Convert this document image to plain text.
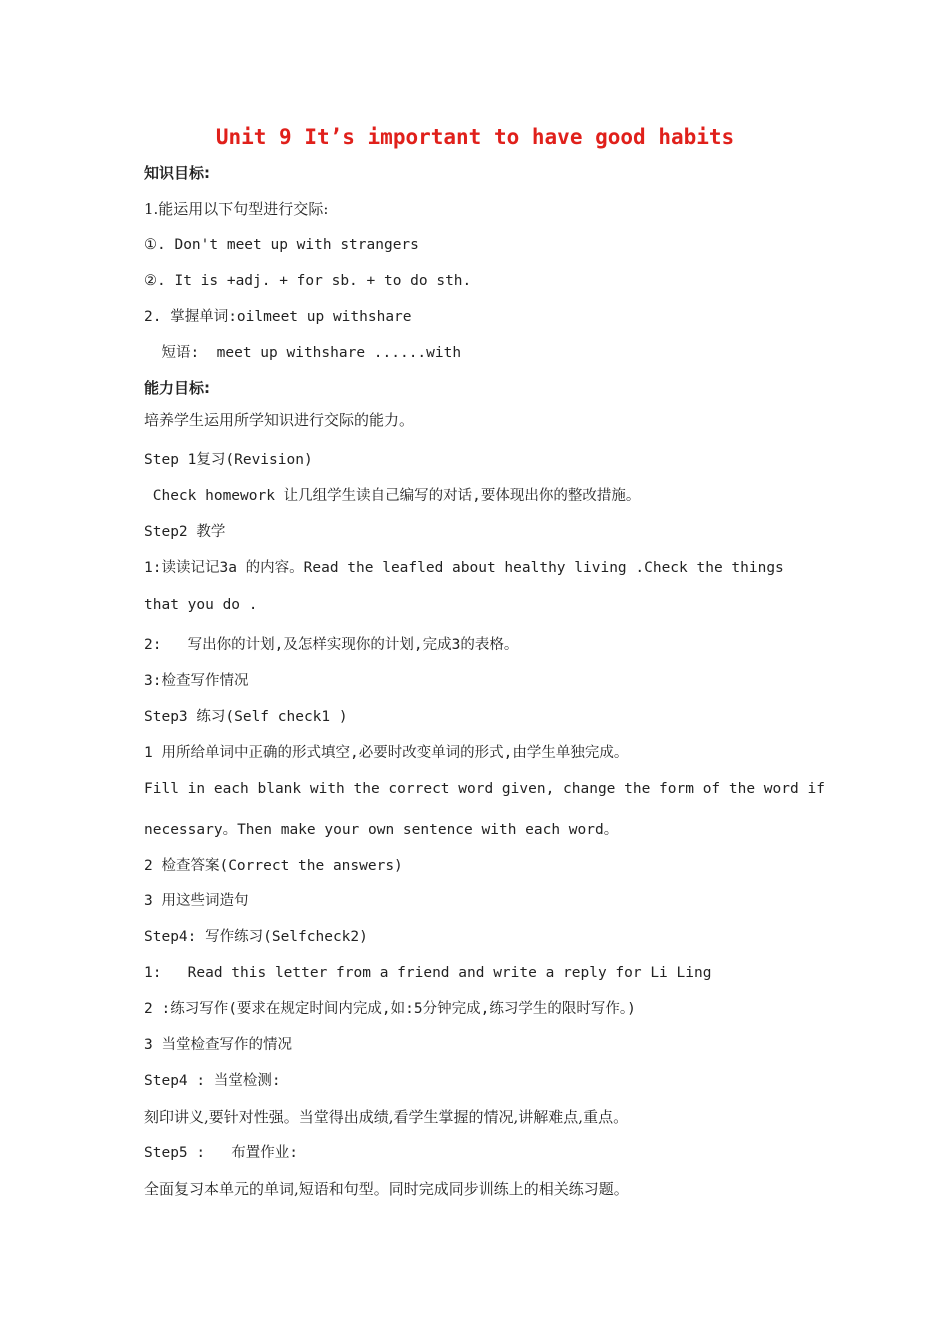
Unit 9 It’s important to have good habits
知识目标:
1.能运用以下句型进行交际:
①. Don't meet up with strangers
②. It is +adj. + for sb. + to do sth.
2. 掌握单词:oilmeet up withshare
短语:  meet up withshare ......with
能力目标:
培养学生运用所学知识进行交际的能力。
Step 1复习(Revision)
Check homework 让几组学生读自己编写的对话,要体现出你的整改措施。
Step2 教学
1:读读记记3a 的内容。Read the leafled about healthy living .Check the things
that you do .
2:   写出你的计划,及怎样实现你的计划,完成3的表格。
3:检查写作情况
Step3 练习(Self check1 )
1 用所给单词中正确的形式填空,必要时改变单词的形式,由学生单独完成。
Fill in each blank with the correct word given, change the form of the word if
necessary。Then make your own sentence with each word。
2 检查答案(Correct the answers)
3 用这些词造句
Step4: 写作练习(Selfcheck2)
1:   Read this letter from a friend and write a reply for Li Ling
2 :练习写作(要求在规定时间内完成,如:5分钟完成,练习学生的限时写作。)
3 当堂检查写作的情况
Step4 : 当堂检测:
刻印讲义,要针对性强。当堂得出成绩,看学生掌握的情况,讲解难点,重点。
Step5 :   布置作业:
全面复习本单元的单词,短语和句型。同时完成同步训练上的相关练习题。
